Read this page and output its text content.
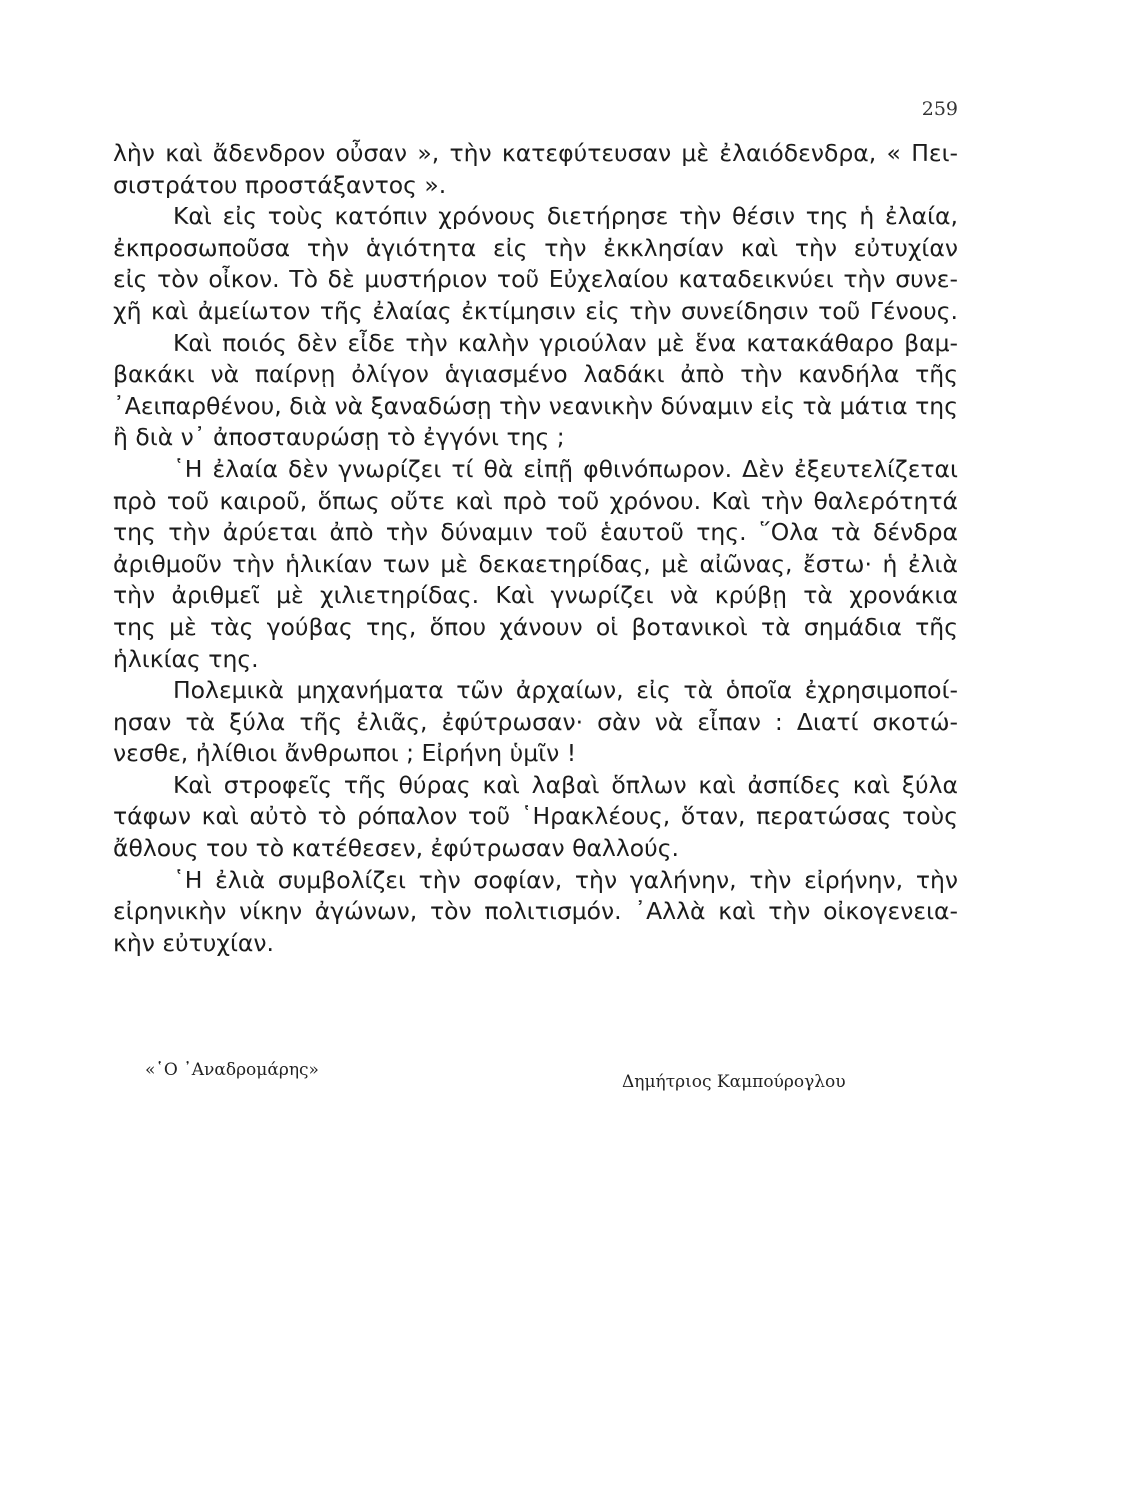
259

λὴν καὶ ἄδενδρον οὖσαν », τὴν κατεφύτευσαν μὲ ἐλαιόδενδρα, « Πει-
σιστράτου προστάξαντος ».

Καὶ εἰς τοὺς κατόπιν χρόνους διετήρησε τὴν θέσιν της ἡ ἐλαία,
ἐκπροσωποῦσα τὴν ἁγιότητα εἰς τὴν ἐκκλησίαν καὶ τὴν εὐτυχίαν
εἰς τὸν οἶκον. Τὸ δὲ μυστήριον τοῦ Εὐχελαίου καταδεικνύει τὴν συνε-
χῆ καὶ ἀμείωτον τῆς ἐλαίας ἐκτίμησιν εἰς τὴν συνείδησιν τοῦ Γένους.

Καὶ ποιός δὲν εἶδε τὴν καλὴν γριούλαν μὲ ἕνα κατακάθαρο βαμ-
βακάκι νὰ παίρνῃ ὀλίγον ἁγιασμένο λαδάκι ἀπὸ τὴν κανδήλα τῆς
᾿Αειπαρθένου, διὰ νὰ ξαναδώσῃ τὴν νεανικὴν δύναμιν εἰς τὰ μάτια της
ἢ διὰ ν᾿ ἀποσταυρώσῃ τὸ ἐγγόνι της ;

῾Η ἐλαία δὲν γνωρίζει τί θὰ εἰπῇ φθινόπωρον. Δὲν ἐξευτελίζεται
πρὸ τοῦ καιροῦ, ὅπως οὔτε καὶ πρὸ τοῦ χρόνου. Καὶ τὴν θαλερότητά
της τὴν ἀρύεται ἀπὸ τὴν δύναμιν τοῦ ἑαυτοῦ της. ῞Ολα τὰ δένδρα
ἀριθμοῦν τὴν ἡλικίαν των μὲ δεκαετηρίδας, μὲ αἰῶνας, ἔστω· ἡ ἐλιὰ
τὴν ἀριθμεῖ μὲ χιλιετηρίδας. Καὶ γνωρίζει νὰ κρύβῃ τὰ χρονάκια
της μὲ τὰς γούβας της, ὅπου χάνουν οἱ βοτανικοὶ τὰ σημάδια τῆς
ἡλικίας της.

Πολεμικὰ μηχανήματα τῶν ἀρχαίων, εἰς τὰ ὁποῖα ἐχρησιμοποί-
ησαν τὰ ξύλα τῆς ἐλιᾶς, ἐφύτρωσαν· σὰν νὰ εἶπαν : Διατί σκοτώ-
νεσθε, ἠλίθιοι ἄνθρωποι ; Εἰρήνη ὑμῖν !

Καὶ στροφεῖς τῆς θύρας καὶ λαβαὶ ὅπλων καὶ ἀσπίδες καὶ ξύλα
τάφων καὶ αὐτὸ τὸ ρόπαλον τοῦ ῾Ηρακλέους, ὅταν, περατώσας τοὺς
ἄθλους του τὸ κατέθεσεν, ἐφύτρωσαν θαλλούς.

῾Η ἐλιὰ συμβολίζει τὴν σοφίαν, τὴν γαλήνην, τὴν εἰρήνην, τὴν
εἰρηνικὴν νίκην ἀγώνων, τὸν πολιτισμόν. ᾿Αλλὰ καὶ τὴν οἰκογενεια-
κὴν εὐτυχίαν.

«῾Ο ᾿Αναδρομάρης»
Δημήτριος Καμπούρογλου
